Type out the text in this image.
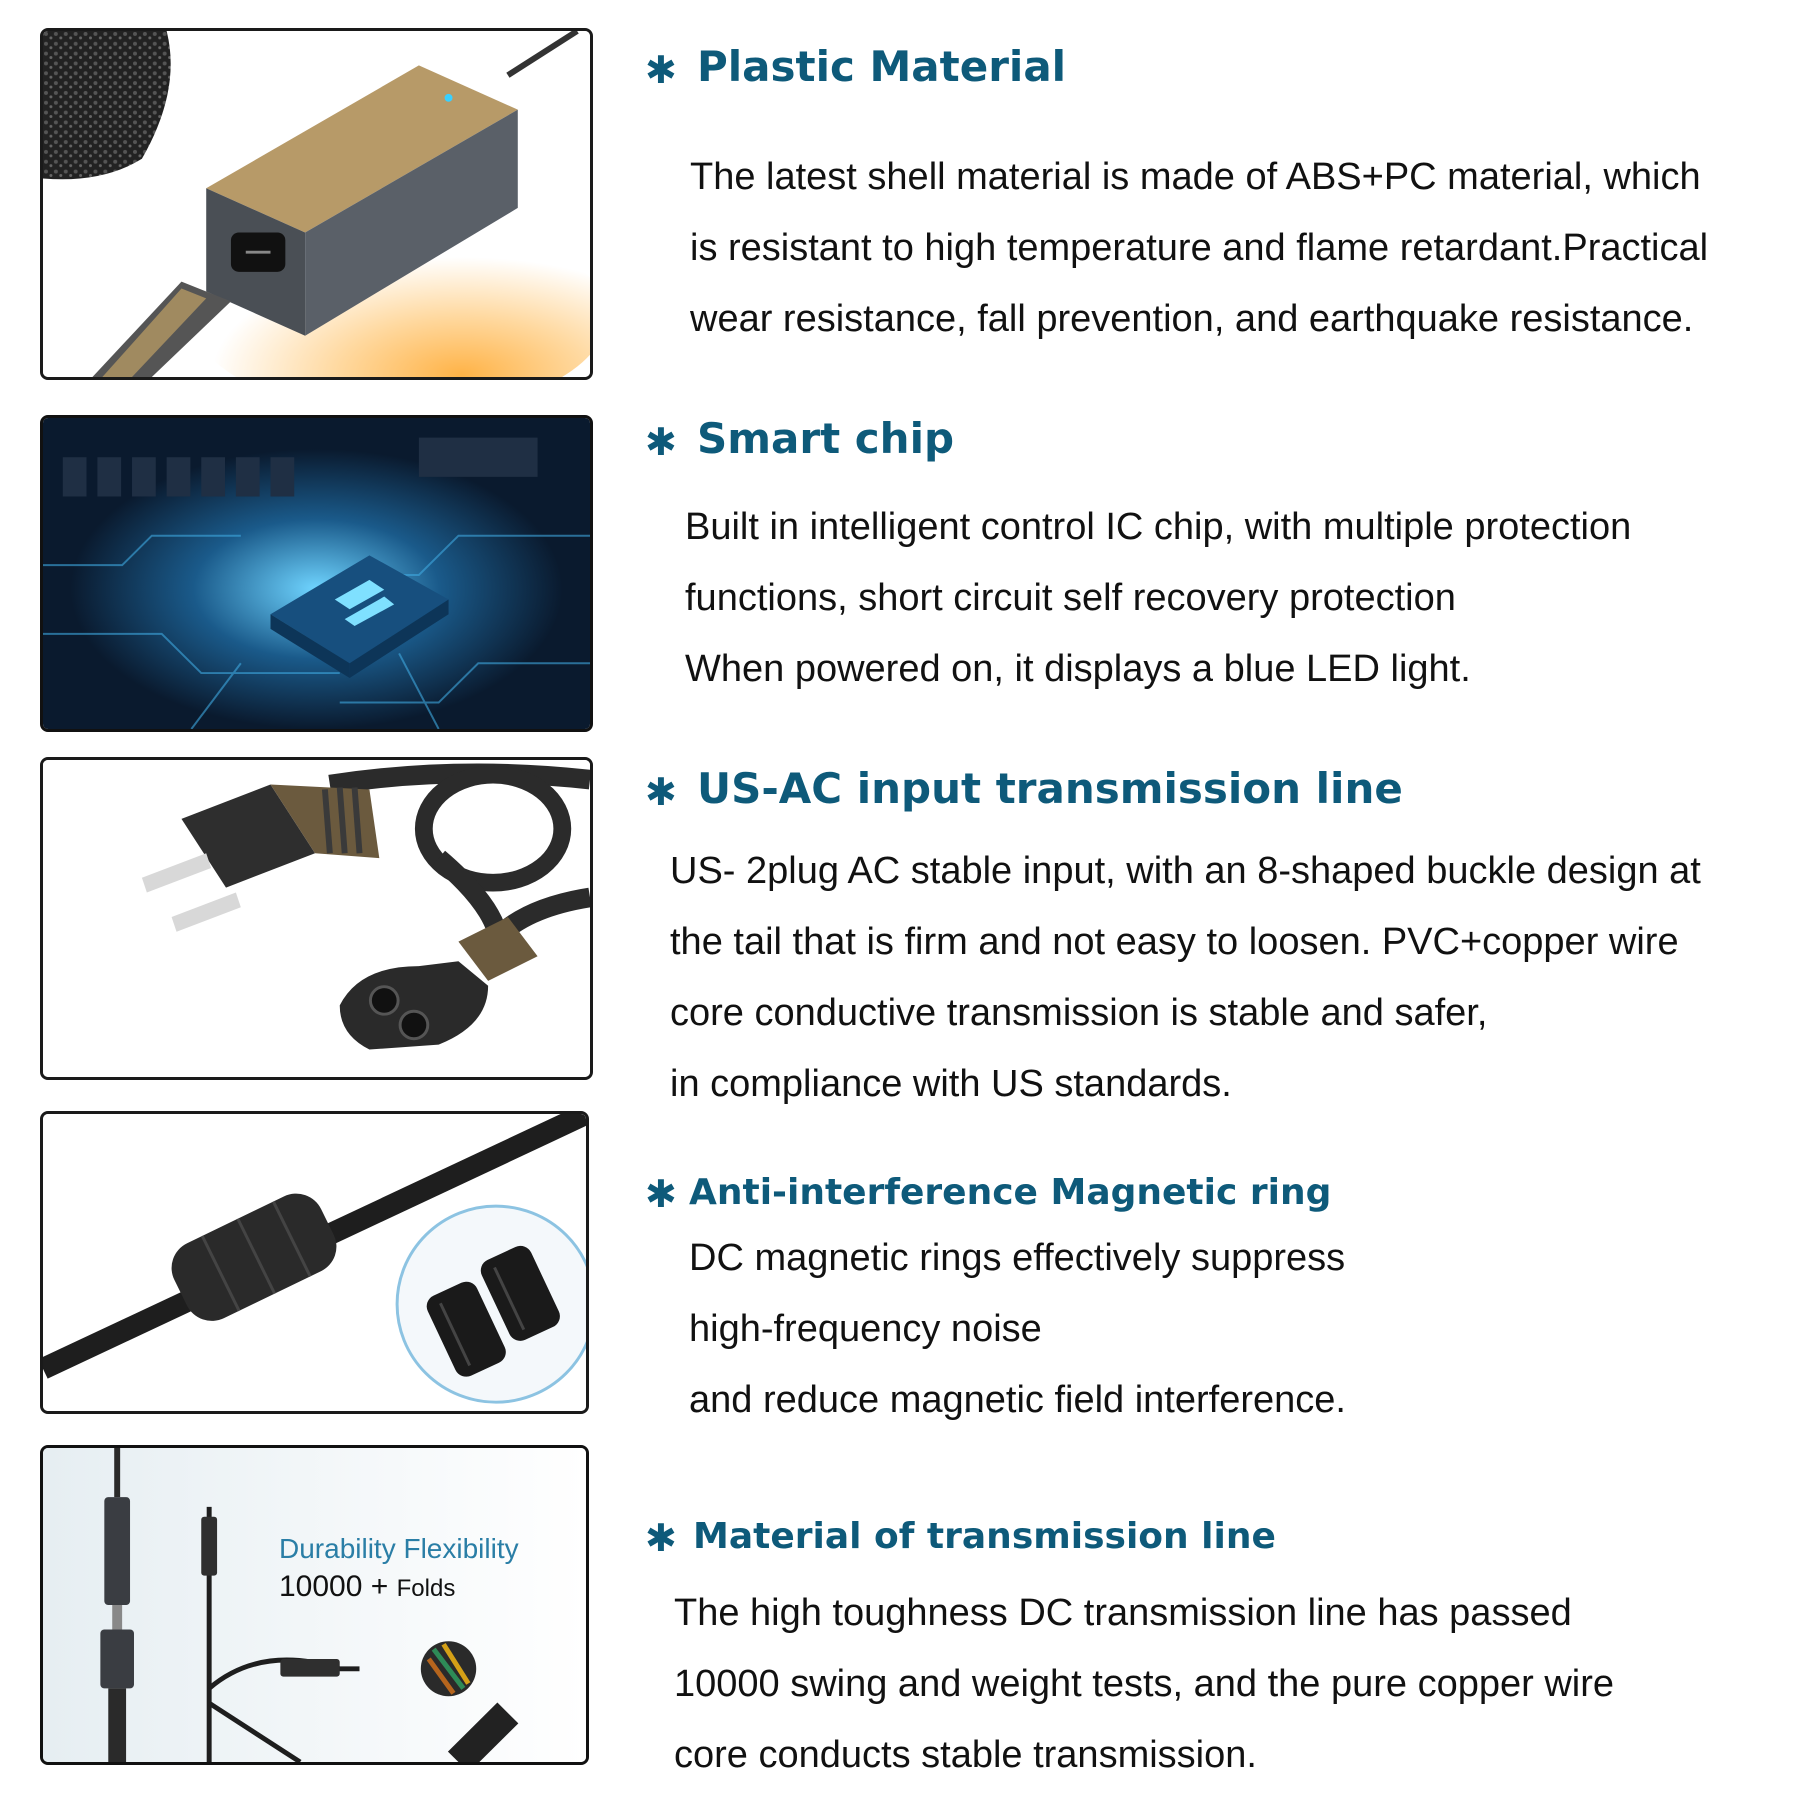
Durability Flexibility
10000 + Folds
✱ Plastic Material

The latest shell material is made of ABS+PC material, which
is resistant to high temperature and flame retardant.Practical
wear resistance, fall prevention, and earthquake resistance.

✱ Smart chip

Built in intelligent control IC chip, with multiple protection
functions, short circuit self recovery protection
When powered on, it displays a blue LED light.

✱ US-AC input transmission line

US- 2plug AC stable input, with an 8-shaped buckle design at
the tail that is firm and not easy to loosen. PVC+copper wire
core conductive transmission is stable and safer,
in compliance with US standards.

✱ Anti-interference Magnetic ring

DC magnetic rings effectively suppress
high-frequency noise
and reduce magnetic field interference.

✱ Material of transmission line

The high toughness DC transmission line has passed
10000 swing and weight tests, and the pure copper wire
core conducts stable transmission.
